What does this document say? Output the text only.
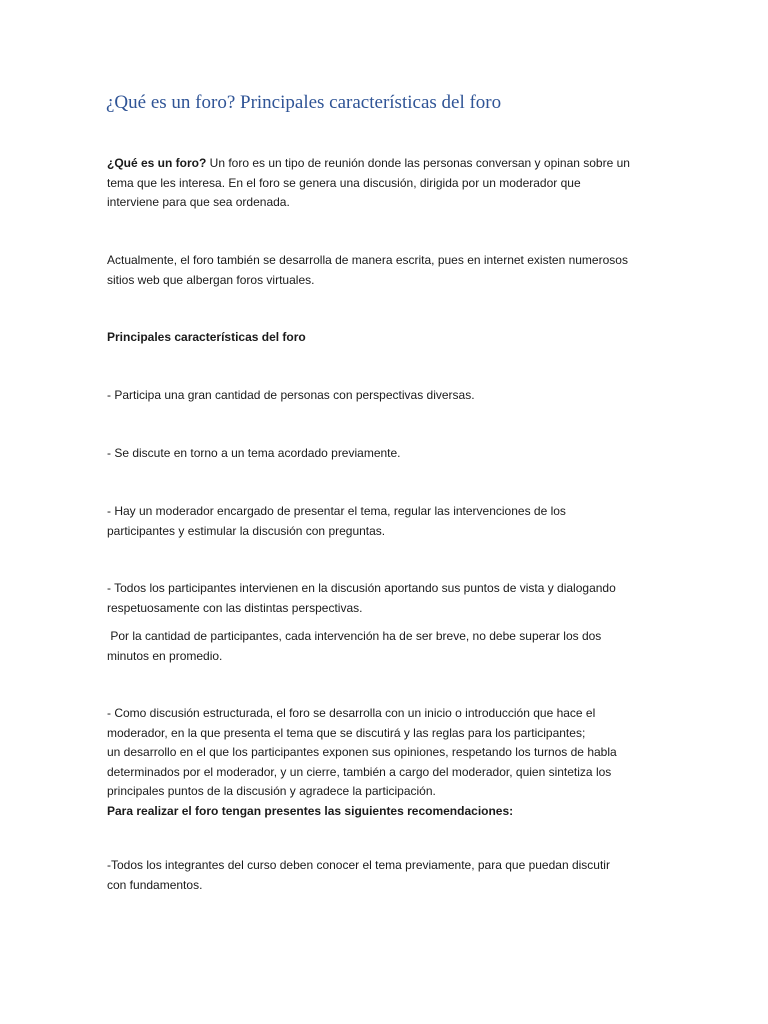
¿Qué es un foro? Principales características del foro

¿Qué es un foro? Un foro es un tipo de reunión donde las personas conversan y opinan sobre un
tema que les interesa. En el foro se genera una discusión, dirigida por un moderador que
interviene para que sea ordenada.

Actualmente, el foro también se desarrolla de manera escrita, pues en internet existen numerosos
sitios web que albergan foros virtuales.

Principales características del foro

- Participa una gran cantidad de personas con perspectivas diversas.

- Se discute en torno a un tema acordado previamente.

- Hay un moderador encargado de presentar el tema, regular las intervenciones de los
participantes y estimular la discusión con preguntas.

- Todos los participantes intervienen en la discusión aportando sus puntos de vista y dialogando
respetuosamente con las distintas perspectivas.

Por la cantidad de participantes, cada intervención ha de ser breve, no debe superar los dos
minutos en promedio.

- Como discusión estructurada, el foro se desarrolla con un inicio o introducción que hace el
moderador, en la que presenta el tema que se discutirá y las reglas para los participantes;
un desarrollo en el que los participantes exponen sus opiniones, respetando los turnos de habla
determinados por el moderador, y un cierre, también a cargo del moderador, quien sintetiza los
principales puntos de la discusión y agradece la participación.
Para realizar el foro tengan presentes las siguientes recomendaciones:

-Todos los integrantes del curso deben conocer el tema previamente, para que puedan discutir
con fundamentos.
